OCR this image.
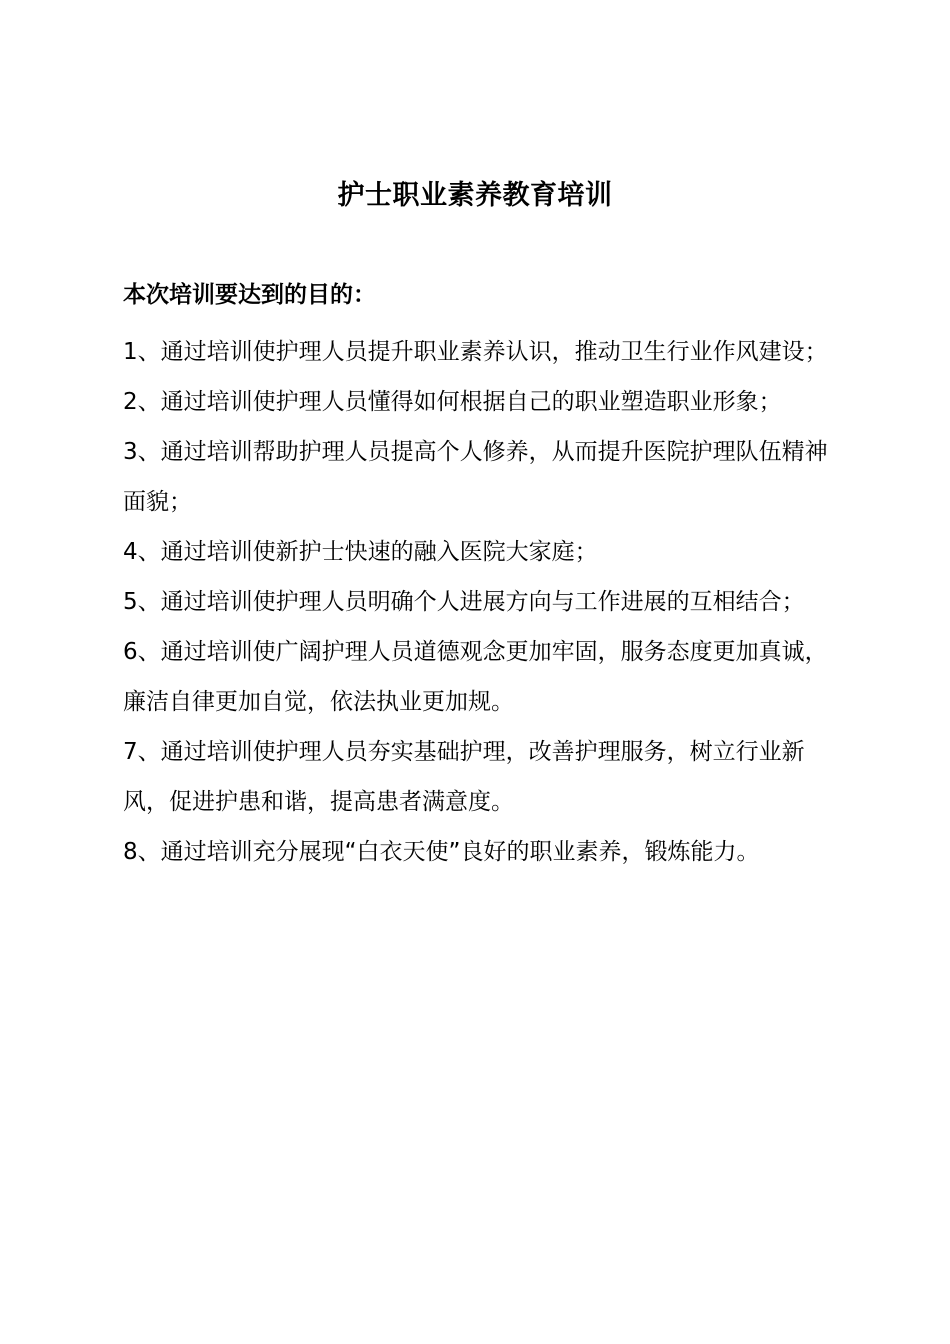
护士职业素养教育培训

本次培训要达到的目的：

1、通过培训使护理人员提升职业素养认识，推动卫生行业作风建设；
2、通过培训使护理人员懂得如何根据自己的职业塑造职业形象；
3、通过培训帮助护理人员提高个人修养，从而提升医院护理队伍精神面貌；
4、通过培训使新护士快速的融入医院大家庭；
5、通过培训使护理人员明确个人进展方向与工作进展的互相结合；
6、通过培训使广阔护理人员道德观念更加牢固，服务态度更加真诚，廉洁自律更加自觉，依法执业更加规。
7、通过培训使护理人员夯实基础护理，改善护理服务，树立行业新风，促进护患和谐，提高患者满意度。
8、通过培训充分展现“白衣天使”良好的职业素养，锻炼能力。
